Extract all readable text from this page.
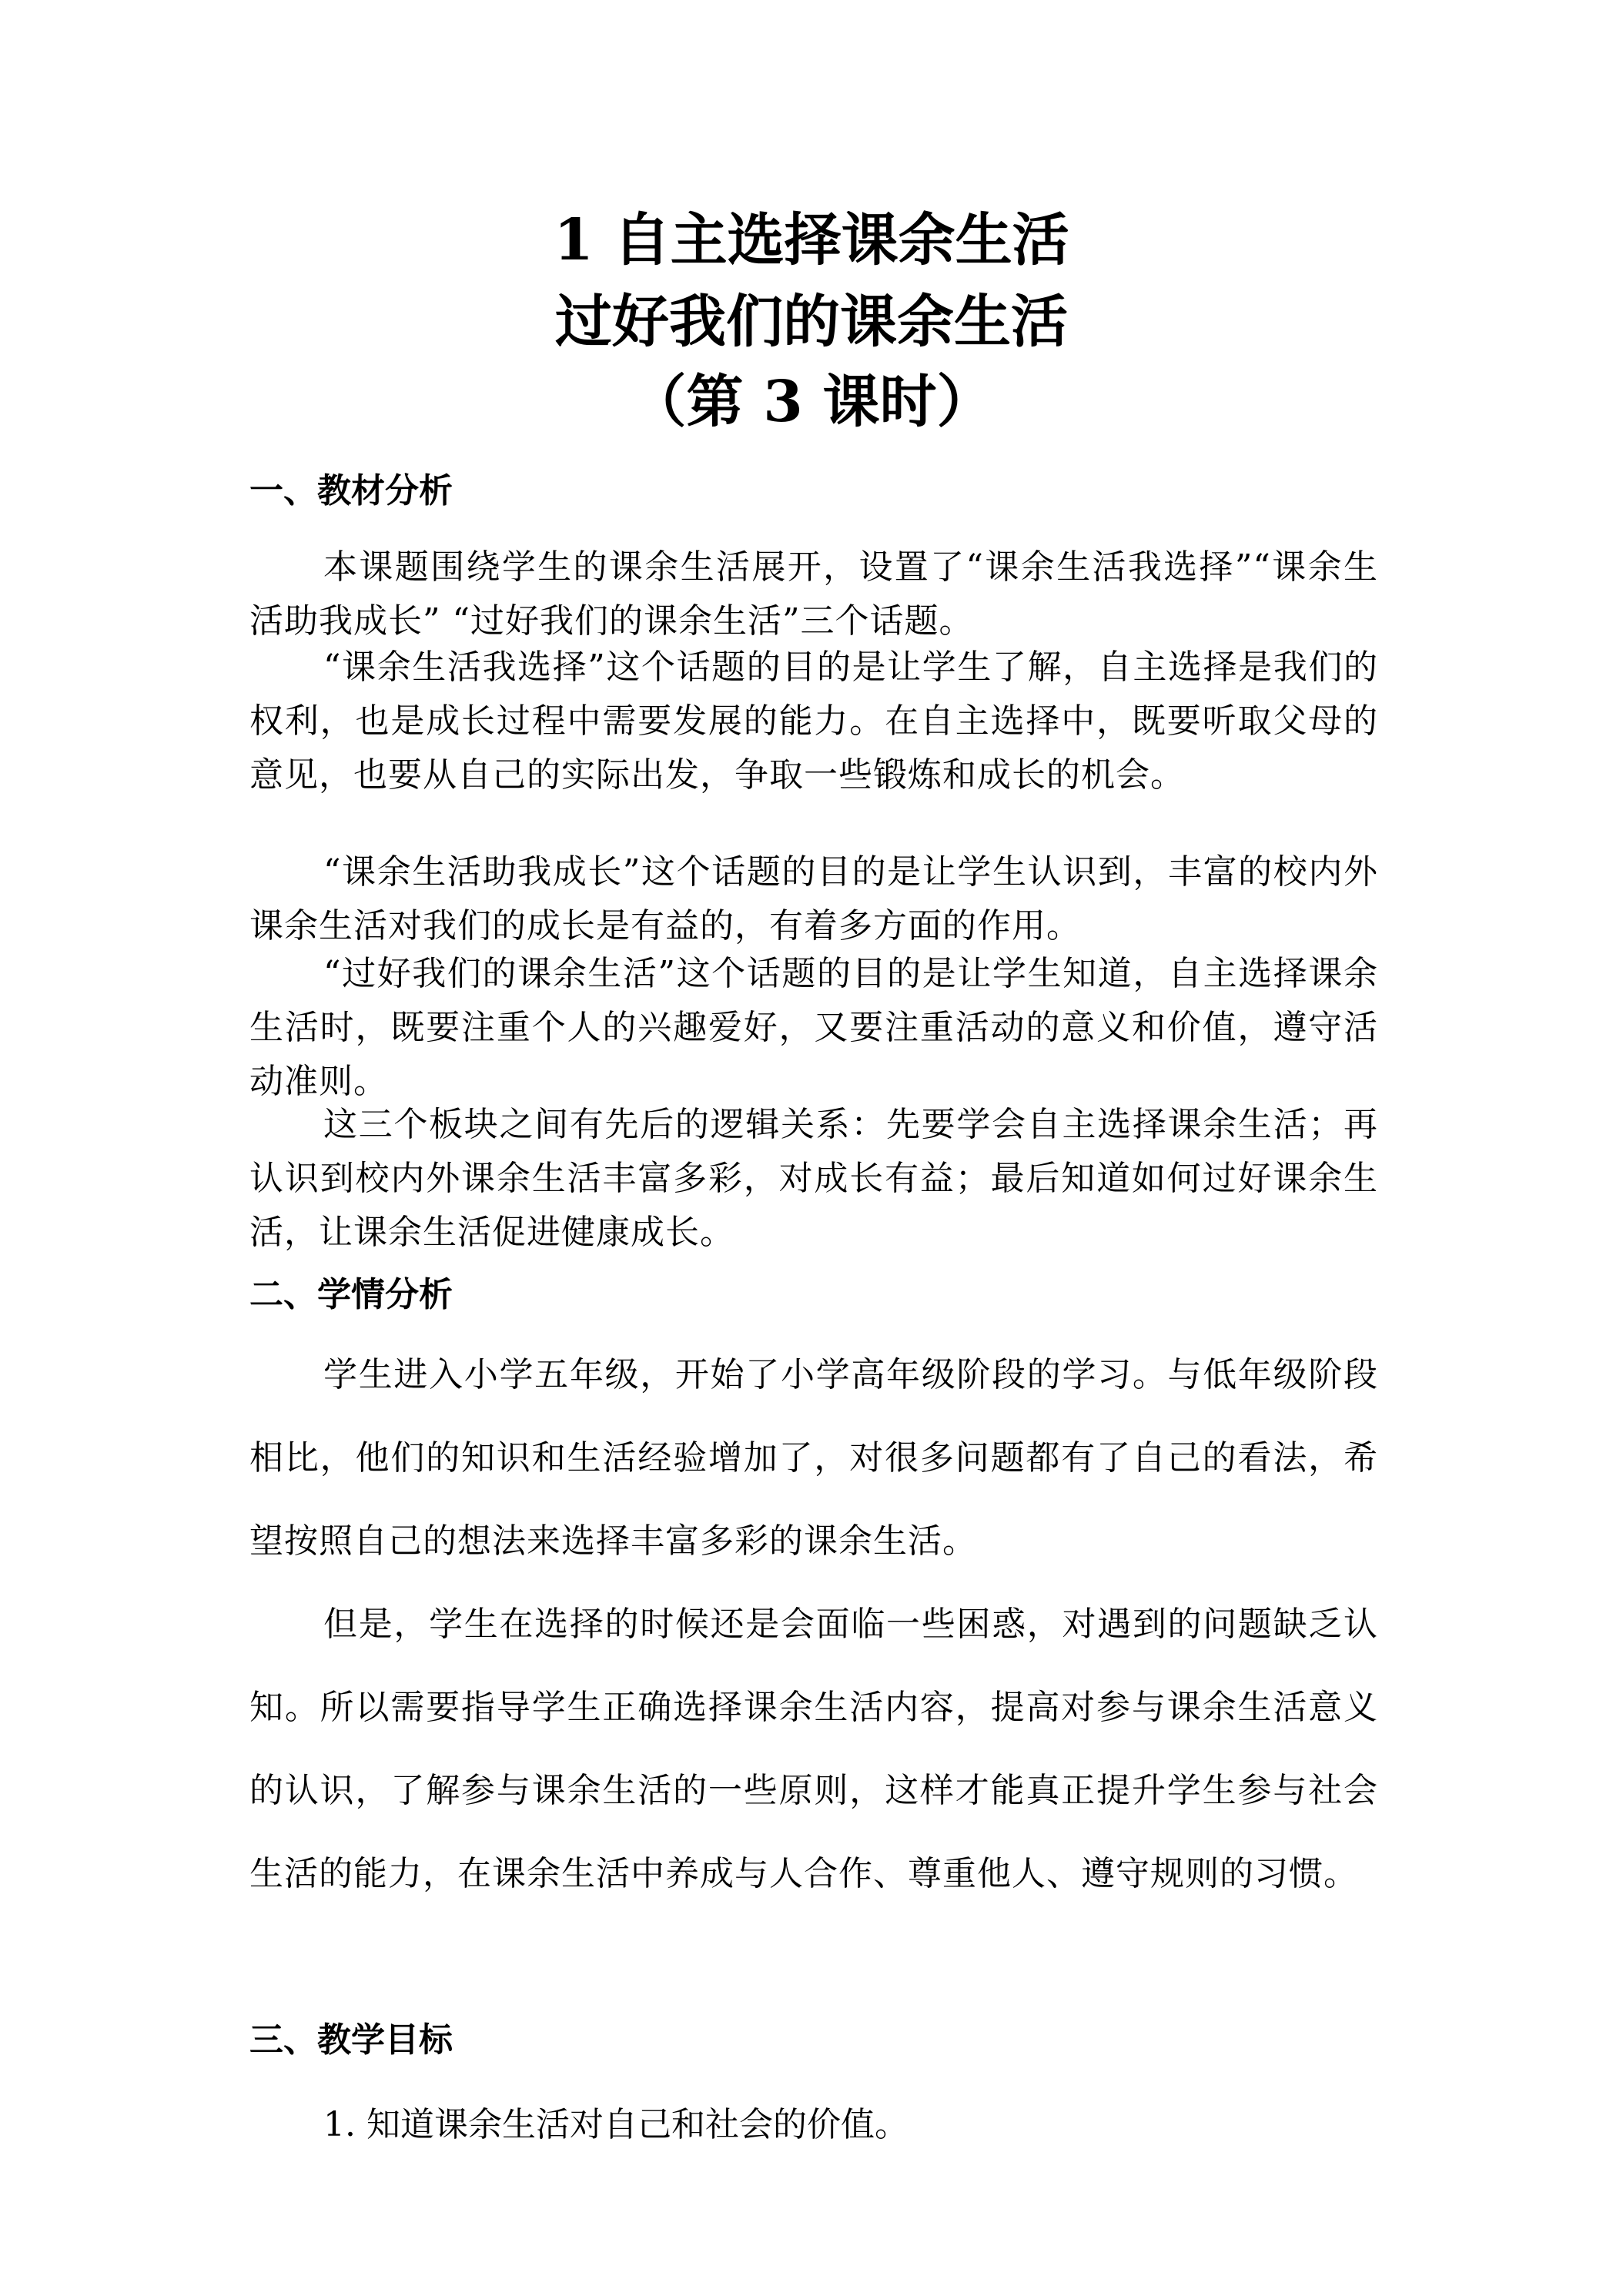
1 自主选择课余生活
过好我们的课余生活
（第 3 课时）
一、教材分析

本课题围绕学生的课余生活展开，设置了“课余生活我选择”“课余生活助我成长” “过好我们的课余生活”三个话题。

“课余生活我选择”这个话题的目的是让学生了解，自主选择是我们的权利，也是成长过程中需要发展的能力。在自主选择中，既要听取父母的意见，也要从自己的实际出发，争取一些锻炼和成长的机会。

“课余生活助我成长”这个话题的目的是让学生认识到，丰富的校内外课余生活对我们的成长是有益的，有着多方面的作用。

“过好我们的课余生活”这个话题的目的是让学生知道，自主选择课余生活时，既要注重个人的兴趣爱好，又要注重活动的意义和价值，遵守活动准则。

这三个板块之间有先后的逻辑关系：先要学会自主选择课余生活；再认识到校内外课余生活丰富多彩，对成长有益；最后知道如何过好课余生活，让课余生活促进健康成长。

二、学情分析

学生进入小学五年级，开始了小学高年级阶段的学习。与低年级阶段相比，他们的知识和生活经验增加了，对很多问题都有了自己的看法，希望按照自己的想法来选择丰富多彩的课余生活。

但是，学生在选择的时候还是会面临一些困惑，对遇到的问题缺乏认知。所以需要指导学生正确选择课余生活内容，提高对参与课余生活意义的认识，了解参与课余生活的一些原则，这样才能真正提升学生参与社会生活的能力，在课余生活中养成与人合作、尊重他人、遵守规则的习惯。

三、教学目标
1. 知道课余生活对自己和社会的价值。
